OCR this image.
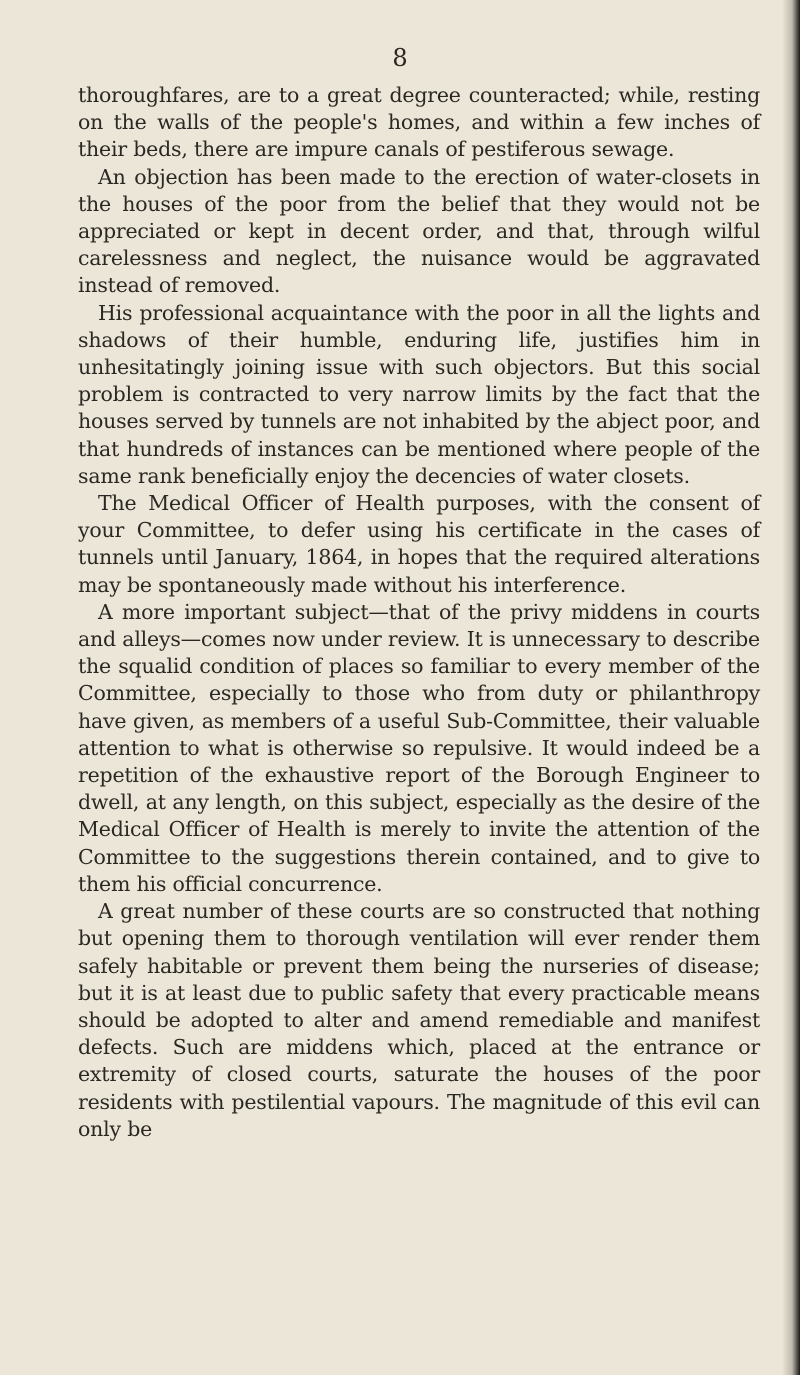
8

thoroughfares, are to a great degree counteracted; while, resting on the walls of the people's homes, and within a few inches of their beds, there are impure canals of pestiferous sewage.

An objection has been made to the erection of water-closets in the houses of the poor from the belief that they would not be appreciated or kept in decent order, and that, through wilful carelessness and neglect, the nuisance would be aggravated instead of removed.

His professional acquaintance with the poor in all the lights and shadows of their humble, enduring life, justifies him in unhesitatingly joining issue with such objectors. But this social problem is contracted to very narrow limits by the fact that the houses served by tunnels are not inhabited by the abject poor, and that hundreds of instances can be mentioned where people of the same rank beneficially enjoy the decencies of water closets.

The Medical Officer of Health purposes, with the consent of your Committee, to defer using his certificate in the cases of tunnels until January, 1864, in hopes that the required alterations may be spontaneously made without his interference.

A more important subject—that of the privy middens in courts and alleys—comes now under review. It is unnecessary to describe the squalid condition of places so familiar to every member of the Committee, especially to those who from duty or philanthropy have given, as members of a useful Sub-Committee, their valuable attention to what is otherwise so repulsive. It would indeed be a repetition of the exhaustive report of the Borough Engineer to dwell, at any length, on this subject, especially as the desire of the Medical Officer of Health is merely to invite the attention of the Committee to the suggestions therein contained, and to give to them his official concurrence.

A great number of these courts are so constructed that nothing but opening them to thorough ventilation will ever render them safely habitable or prevent them being the nurseries of disease; but it is at least due to public safety that every practicable means should be adopted to alter and amend remediable and manifest defects. Such are middens which, placed at the entrance or extremity of closed courts, saturate the houses of the poor residents with pestilential vapours. The magnitude of this evil can only be
